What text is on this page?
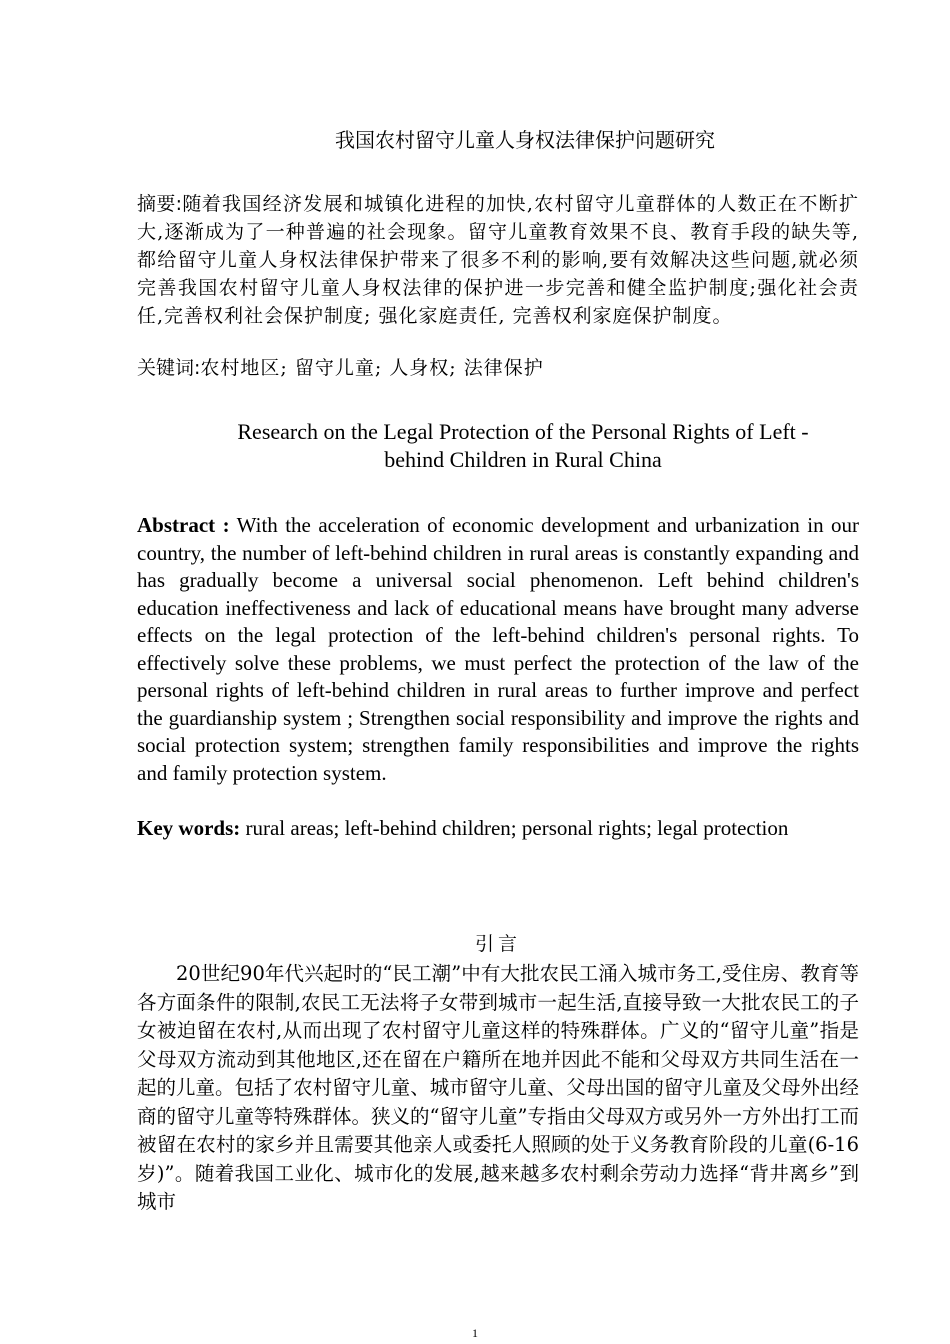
我国农村留守儿童人身权法律保护问题研究
摘要:随着我国经济发展和城镇化进程的加快,农村留守儿童群体的人数正在不断扩大,逐渐成为了一种普遍的社会现象。留守儿童教育效果不良、教育手段的缺失等,都给留守儿童人身权法律保护带来了很多不利的影响,要有效解决这些问题,就必须完善我国农村留守儿童人身权法律的保护进一步完善和健全监护制度;强化社会责任,完善权利社会保护制度; 强化家庭责任, 完善权利家庭保护制度。
关键词:农村地区; 留守儿童; 人身权; 法律保护
Research on the Legal Protection of the Personal Rights of Left - behind Children in Rural China
Abstract : With the acceleration of economic development and urbanization in our country, the number of left-behind children in rural areas is constantly expanding and has gradually become a universal social phenomenon. Left behind children's education ineffectiveness and lack of educational means have brought many adverse effects on the legal protection of the left-behind children's personal rights. To effectively solve these problems, we must perfect the protection of the law of the personal rights of left-behind children in rural areas to further improve and perfect the guardianship system ; Strengthen social responsibility and improve the rights and social protection system; strengthen family responsibilities and improve the rights and family protection system.
Key words: rural areas; left-behind children; personal rights; legal protection
引言
20世纪90年代兴起时的“民工潮”中有大批农民工涌入城市务工,受住房、教育等各方面条件的限制,农民工无法将子女带到城市一起生活,直接导致一大批农民工的子女被迫留在农村,从而出现了农村留守儿童这样的特殊群体。广义的“留守儿童”指是父母双方流动到其他地区,还在留在户籍所在地并因此不能和父母双方共同生活在一起的儿童。包括了农村留守儿童、城市留守儿童、父母出国的留守儿童及父母外出经商的留守儿童等特殊群体。狭义的“留守儿童”专指由父母双方或另外一方外出打工而被留在农村的家乡并且需要其他亲人或委托人照顾的处于义务教育阶段的儿童(6-16岁)”。随着我国工业化、城市化的发展,越来越多农村剩余劳动力选择“背井离乡”到城市
1
